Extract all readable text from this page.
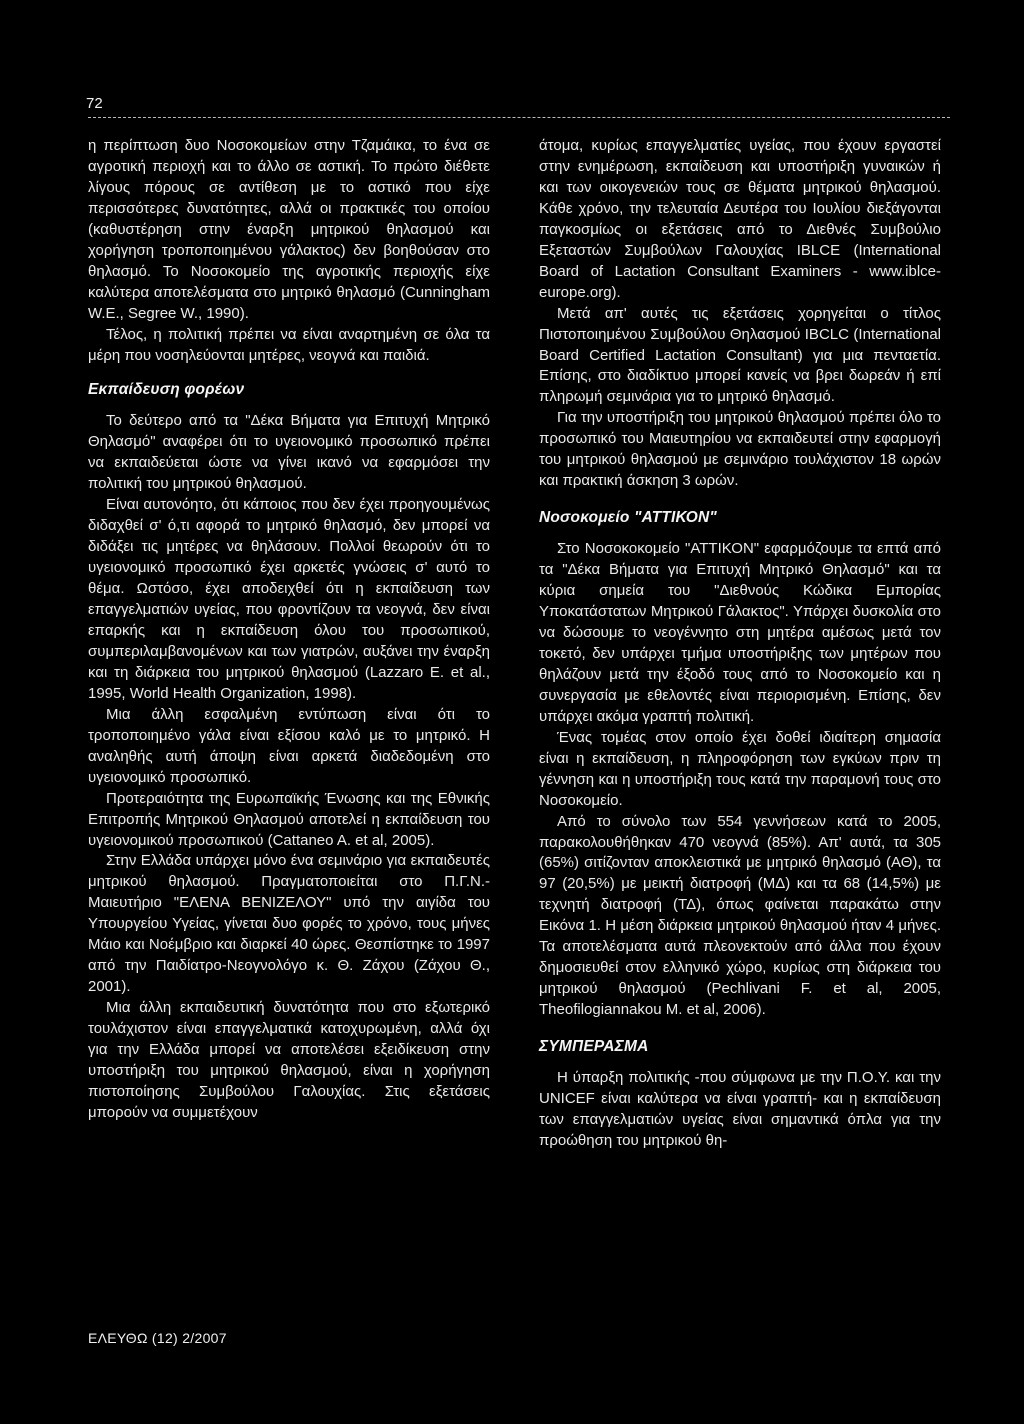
72

η περίπτωση δυο Νοσοκομείων στην Τζαμάικα, το ένα σε αγροτική περιοχή και το άλλο σε αστική. Το πρώτο διέθετε λίγους πόρους σε αντίθεση με το αστικό που είχε περισσότερες δυνατότητες, αλλά οι πρακτικές του οποίου (καθυστέρηση στην έναρξη μητρικού θηλασμού και χορήγηση τροποποιημένου γάλακτος) δεν βοηθούσαν στο θηλασμό. Το Νοσοκομείο της αγροτικής περιοχής είχε καλύτερα αποτελέσματα στο μητρικό θηλασμό (Cunningham W.E., Segree W., 1990).

Τέλος, η πολιτική πρέπει να είναι αναρτημένη σε όλα τα μέρη που νοσηλεύονται μητέρες, νεογνά και παιδιά.

Εκπαίδευση φορέων

Το δεύτερο από τα "Δέκα Βήματα για Επιτυχή Μητρικό Θηλασμό" αναφέρει ότι το υγειονομικό προσωπικό πρέπει να εκπαιδεύεται ώστε να γίνει ικανό να εφαρμόσει την πολιτική του μητρικού θηλασμού.

Είναι αυτονόητο, ότι κάποιος που δεν έχει προηγουμένως διδαχθεί σ' ό,τι αφορά το μητρικό θηλασμό, δεν μπορεί να διδάξει τις μητέρες να θηλάσουν. Πολλοί θεωρούν ότι το υγειονομικό προσωπικό έχει αρκετές γνώσεις σ' αυτό το θέμα. Ωστόσο, έχει αποδειχθεί ότι η εκπαίδευση των επαγγελματιών υγείας, που φροντίζουν τα νεογνά, δεν είναι επαρκής και η εκπαίδευση όλου του προσωπικού, συμπεριλαμβανομένων και των γιατρών, αυξάνει την έναρξη και τη διάρκεια του μητρικού θηλασμού (Lazzaro E. et al., 1995, World Health Organization, 1998).

Μια άλλη εσφαλμένη εντύπωση είναι ότι το τροποποιημένο γάλα είναι εξίσου καλό με το μητρικό. Η αναληθής αυτή άποψη είναι αρκετά διαδεδομένη στο υγειονομικό προσωπικό.

Προτεραιότητα της Ευρωπαϊκής Ένωσης και της Εθνικής Επιτροπής Μητρικού Θηλασμού αποτελεί η εκπαίδευση του υγειονομικού προσωπικού (Cattaneo A. et al, 2005).

Στην Ελλάδα υπάρχει μόνο ένα σεμινάριο για εκπαιδευτές μητρικού θηλασμού. Πραγματοποιείται στο Π.Γ.Ν.-Μαιευτήριο "ΕΛΕΝΑ ΒΕΝΙΖΕΛΟΥ" υπό την αιγίδα του Υπουργείου Υγείας, γίνεται δυο φορές το χρόνο, τους μήνες Μάιο και Νοέμβριο και διαρκεί 40 ώρες. Θεσπίστηκε το 1997 από την Παιδίατρο-Νεογνολόγο κ. Θ. Ζάχου (Ζάχου Θ., 2001).

Μια άλλη εκπαιδευτική δυνατότητα που στο εξωτερικό τουλάχιστον είναι επαγγελματικά κατοχυρωμένη, αλλά όχι για την Ελλάδα μπορεί να αποτελέσει εξειδίκευση στην υποστήριξη του μητρικού θηλασμού, είναι η χορήγηση πιστοποίησης Συμβούλου Γαλουχίας. Στις εξετάσεις μπορούν να συμμετέχουν

άτομα, κυρίως επαγγελματίες υγείας, που έχουν εργαστεί στην ενημέρωση, εκπαίδευση και υποστήριξη γυναικών ή και των οικογενειών τους σε θέματα μητρικού θηλασμού. Κάθε χρόνο, την τελευταία Δευτέρα του Ιουλίου διεξάγονται παγκοσμίως οι εξετάσεις από το Διεθνές Συμβούλιο Εξεταστών Συμβούλων Γαλουχίας IBLCE (International Board of Lactation Consultant Examiners - www.iblce-europe.org).

Μετά απ' αυτές τις εξετάσεις χορηγείται ο τίτλος Πιστοποιημένου Συμβούλου Θηλασμού IBCLC (International Board Certified Lactation Consultant) για μια πενταετία. Επίσης, στο διαδίκτυο μπορεί κανείς να βρει δωρεάν ή επί πληρωμή σεμινάρια για το μητρικό θηλασμό.

Για την υποστήριξη του μητρικού θηλασμού πρέπει όλο το προσωπικό του Μαιευτηρίου να εκπαιδευτεί στην εφαρμογή του μητρικού θηλασμού με σεμινάριο τουλάχιστον 18 ωρών και πρακτική άσκηση 3 ωρών.

Νοσοκομείο "ΑΤΤΙΚΟΝ"

Στο Νοσοκοκομείο "ΑΤΤΙΚΟΝ" εφαρμόζουμε τα επτά από τα "Δέκα Βήματα για Επιτυχή Μητρικό Θηλασμό" και τα κύρια σημεία του "Διεθνούς Κώδικα Εμπορίας Υποκατάστατων Μητρικού Γάλακτος". Υπάρχει δυσκολία στο να δώσουμε το νεογέννητο στη μητέρα αμέσως μετά τον τοκετό, δεν υπάρχει τμήμα υποστήριξης των μητέρων που θηλάζουν μετά την έξοδό τους από το Νοσοκομείο και η συνεργασία με εθελοντές είναι περιορισμένη. Επίσης, δεν υπάρχει ακόμα γραπτή πολιτική.

Ένας τομέας στον οποίο έχει δοθεί ιδιαίτερη σημασία είναι η εκπαίδευση, η πληροφόρηση των εγκύων πριν τη γέννηση και η υποστήριξη τους κατά την παραμονή τους στο Νοσοκομείο.

Από το σύνολο των 554 γεννήσεων κατά το 2005, παρακολουθήθηκαν 470 νεογνά (85%). Απ' αυτά, τα 305 (65%) σιτίζονταν αποκλειστικά με μητρικό θηλασμό (ΑΘ), τα 97 (20,5%) με μεικτή διατροφή (ΜΔ) και τα 68 (14,5%) με τεχνητή διατροφή (ΤΔ), όπως φαίνεται παρακάτω στην Εικόνα 1. Η μέση διάρκεια μητρικού θηλασμού ήταν 4 μήνες. Τα αποτελέσματα αυτά πλεονεκτούν από άλλα που έχουν δημοσιευθεί στον ελληνικό χώρο, κυρίως στη διάρκεια του μητρικού θηλασμού (Pechlivani F. et al, 2005, Theofilogiannakou M. et al, 2006).

ΣΥΜΠΕΡΑΣΜΑ

Η ύπαρξη πολιτικής -που σύμφωνα με την Π.Ο.Υ. και την UNICEF είναι καλύτερα να είναι γραπτή- και η εκπαίδευση των επαγγελματιών υγείας είναι σημαντικά όπλα για την προώθηση του μητρικού θη-

ΕΛΕΥΘΩ (12) 2/2007
